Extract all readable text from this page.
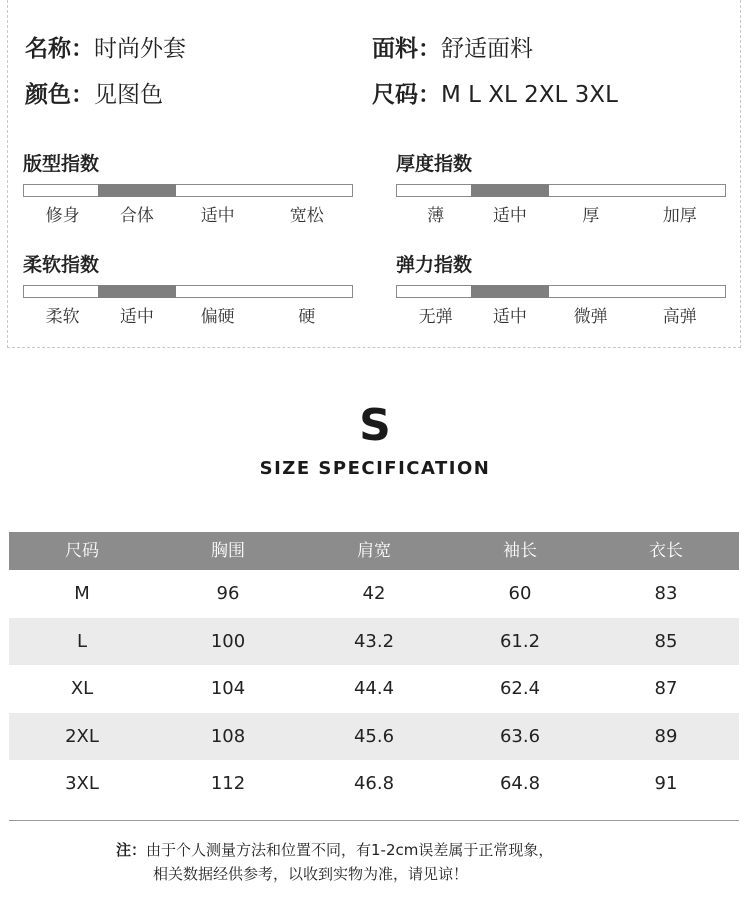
名称：时尚外套	面料：舒适面料
颜色：见图色	尺码：M L XL 2XL 3XL
版型指数
修身 合体	适中	宽松
厚度指数
薄	适中	厚	加厚
柔软指数
柔软 适中	偏硬	硬
弹力指数
无弹 适中	微弹	高弹
S
SIZE SPECIFICATION
尺码	胸围	肩宽	袖长	衣长
M	96	42	60	83
L	100	43.2	61.2	85
XL	104	44.4	62.4	87
2XL	108	45.6	63.6	89
3XL	112	46.8	64.8	91
注：由于个人测量方法和位置不同，有1-2cm误差属于正常现象，
相关数据经供参考，以收到实物为准，请见谅！
